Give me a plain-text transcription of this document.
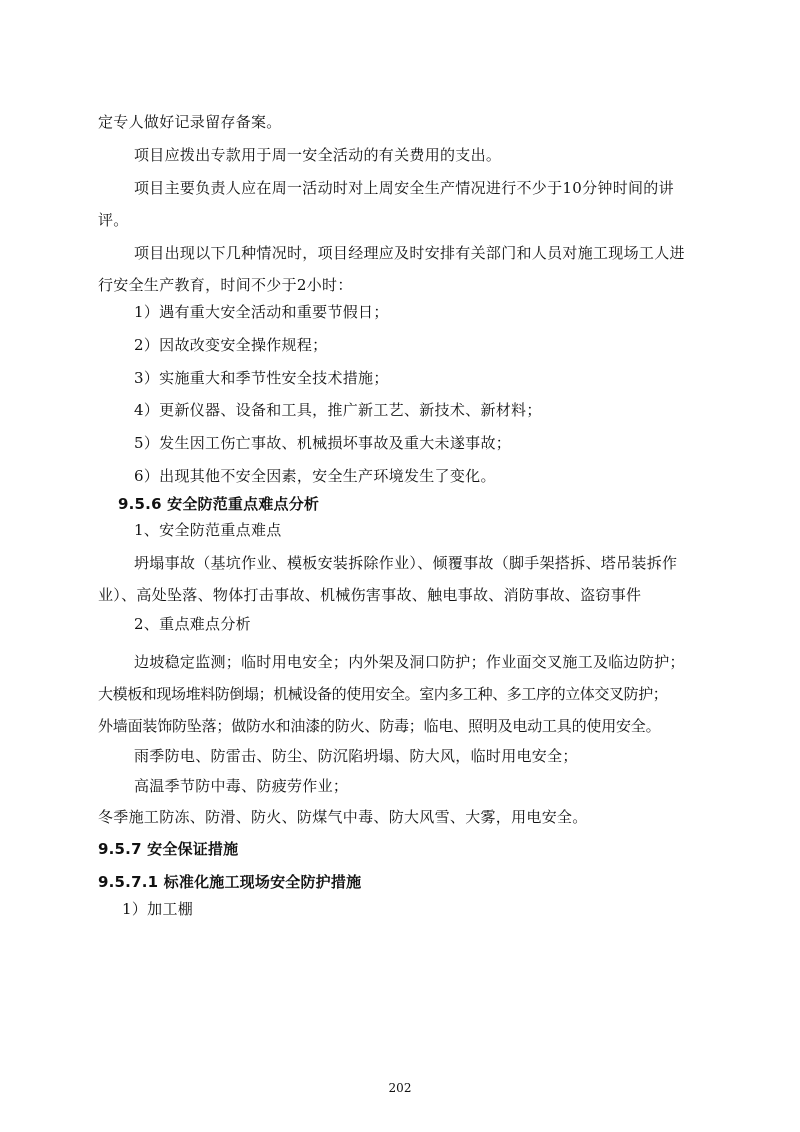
定专人做好记录留存备案。
项目应拨出专款用于周一安全活动的有关费用的支出。
项目主要负责人应在周一活动时对上周安全生产情况进行不少于10分钟时间的讲
评。
项目出现以下几种情况时，项目经理应及时安排有关部门和人员对施工现场工人进
行安全生产教育，时间不少于2小时：
1）遇有重大安全活动和重要节假日；
2）因故改变安全操作规程；
3）实施重大和季节性安全技术措施；
4）更新仪器、设备和工具，推广新工艺、新技术、新材料；
5）发生因工伤亡事故、机械损坏事故及重大未遂事故；
6）出现其他不安全因素，安全生产环境发生了变化。
9.5.6 安全防范重点难点分析
1、安全防范重点难点
坍塌事故（基坑作业、模板安装拆除作业）、倾覆事故（脚手架搭拆、塔吊装拆作
业）、高处坠落、物体打击事故、机械伤害事故、触电事故、消防事故、盗窃事件
2、重点难点分析
边坡稳定监测；临时用电安全；内外架及洞口防护；作业面交叉施工及临边防护；
大模板和现场堆料防倒塌；机械设备的使用安全。室内多工种、多工序的立体交叉防护；
外墙面装饰防坠落；做防水和油漆的防火、防毒；临电、照明及电动工具的使用安全。
雨季防电、防雷击、防尘、防沉陷坍塌、防大风，临时用电安全；
高温季节防中毒、防疲劳作业；
冬季施工防冻、防滑、防火、防煤气中毒、防大风雪、大雾，用电安全。
9.5.7 安全保证措施
9.5.7.1 标准化施工现场安全防护措施
1）加工棚
202
